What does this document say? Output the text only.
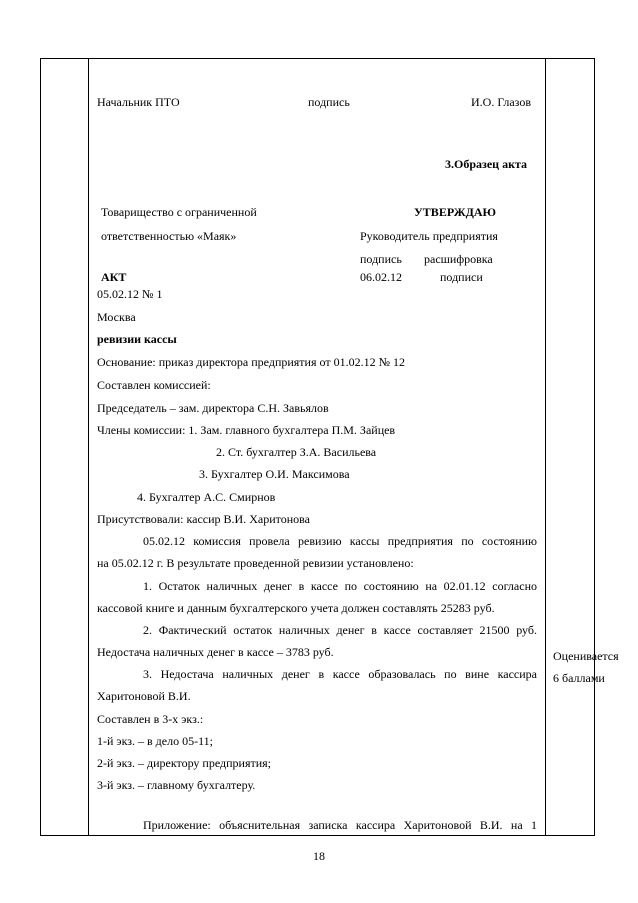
Начальник ПТО	подпись	И.О. Глазов
3.Образец акта
Товарищество с ограниченной
ответственностью «Маяк»
УТВЕРЖДАЮ
Руководитель предприятия
подпись расшифровка
06.02.12	подписи
АКТ
05.02.12 № 1
Москва
ревизии кассы
Основание: приказ директора предприятия от 01.02.12 № 12
Составлен комиссией:
Председатель – зам. директора С.Н. Завьялов
Члены комиссии: 1. Зам. главного бухгалтера П.М. Зайцев
2. Ст. бухгалтер З.А. Васильева
3. Бухгалтер О.И. Максимова
4. Бухгалтер А.С. Смирнов
Присутствовали: кассир В.И. Харитонова
05.02.12 комиссия провела ревизию кассы предприятия по состоянию
на 05.02.12 г. В результате проведенной ревизии установлено:
1. Остаток наличных денег в кассе по состоянию на 02.01.12 согласно
кассовой книге и данным бухгалтерского учета должен составлять 25283 руб.
2. Фактический остаток наличных денег в кассе составляет 21500 руб.
Недостача наличных денег в кассе – 3783 руб.
3. Недостача наличных денег в кассе образовалась по вине кассира
Харитоновой В.И.
Составлен в 3-х экз.:
1-й экз. – в дело 05-11;
2-й экз. – директору предприятия;
3-й экз. – главному бухгалтеру.
Приложение: объяснительная записка кассира Харитоновой В.И. на 1
Оценивается
6 баллами
18
